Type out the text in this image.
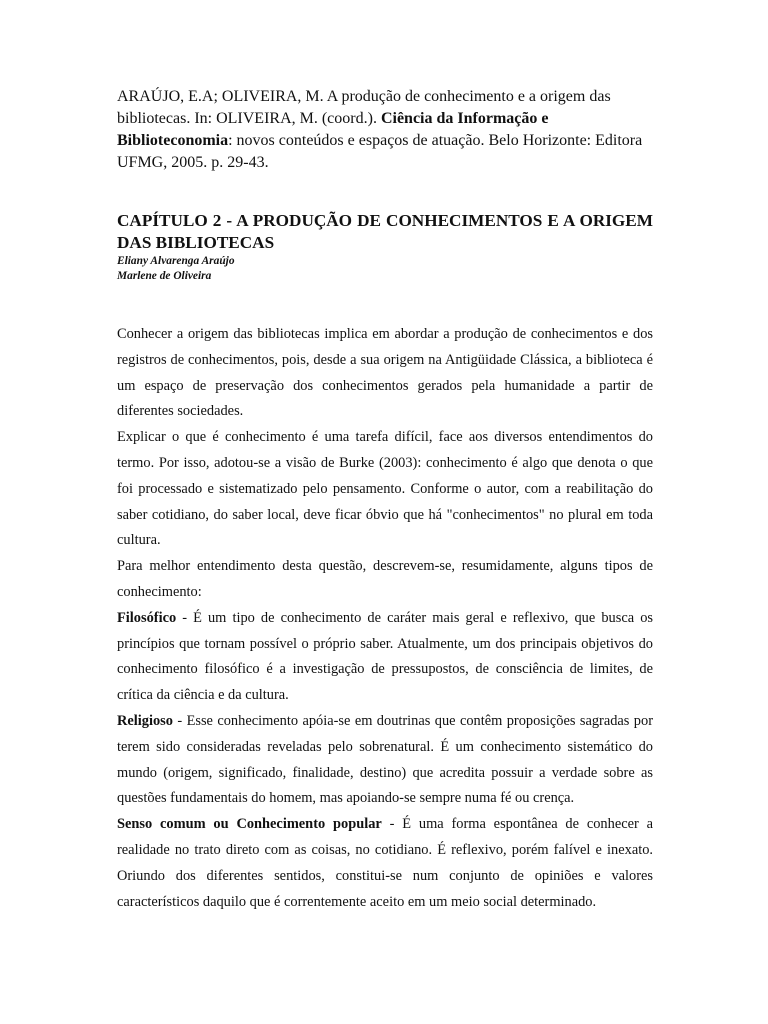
ARAÚJO, E.A; OLIVEIRA, M. A produção de conhecimento e a origem das bibliotecas. In: OLIVEIRA, M. (coord.). Ciência da Informação e Biblioteconomia: novos conteúdos e espaços de atuação. Belo Horizonte: Editora UFMG, 2005. p. 29-43.

CAPÍTULO 2 - A PRODUÇÃO DE CONHECIMENTOS E A ORIGEM DAS BIBLIOTECAS

Eliany Alvarenga Araújo

Marlene de Oliveira

Conhecer a origem das bibliotecas implica em abordar a produção de conhecimentos e dos registros de conhecimentos, pois, desde a sua origem na Antigüidade Clássica, a biblioteca é um espaço de preservação dos conhecimentos gerados pela humanidade a partir de diferentes sociedades.

Explicar o que é conhecimento é uma tarefa difícil, face aos diversos entendimentos do termo. Por isso, adotou-se a visão de Burke (2003): conhecimento é algo que denota o que foi processado e sistematizado pelo pensamento. Conforme o autor, com a reabilitação do saber cotidiano, do saber local, deve ficar óbvio que há "conhecimentos" no plural em toda cultura.

Para melhor entendimento desta questão, descrevem-se, resumidamente, alguns tipos de conhecimento:

Filosófico - É um tipo de conhecimento de caráter mais geral e reflexivo, que busca os princípios que tornam possível o próprio saber. Atualmente, um dos principais objetivos do conhecimento filosófico é a investigação de pressupostos, de consciência de limites, de crítica da ciência e da cultura.

Religioso - Esse conhecimento apóia-se em doutrinas que contêm proposições sagradas por terem sido consideradas reveladas pelo sobrenatural. É um conhecimento sistemático do mundo (origem, significado, finalidade, destino) que acredita possuir a verdade sobre as questões fundamentais do homem, mas apoiando-se sempre numa fé ou crença.

Senso comum ou Conhecimento popular - É uma forma espontânea de conhecer a realidade no trato direto com as coisas, no cotidiano. É reflexivo, porém falível e inexato. Oriundo dos diferentes sentidos, constitui-se num conjunto de opiniões e valores característicos daquilo que é correntemente aceito em um meio social determinado.
